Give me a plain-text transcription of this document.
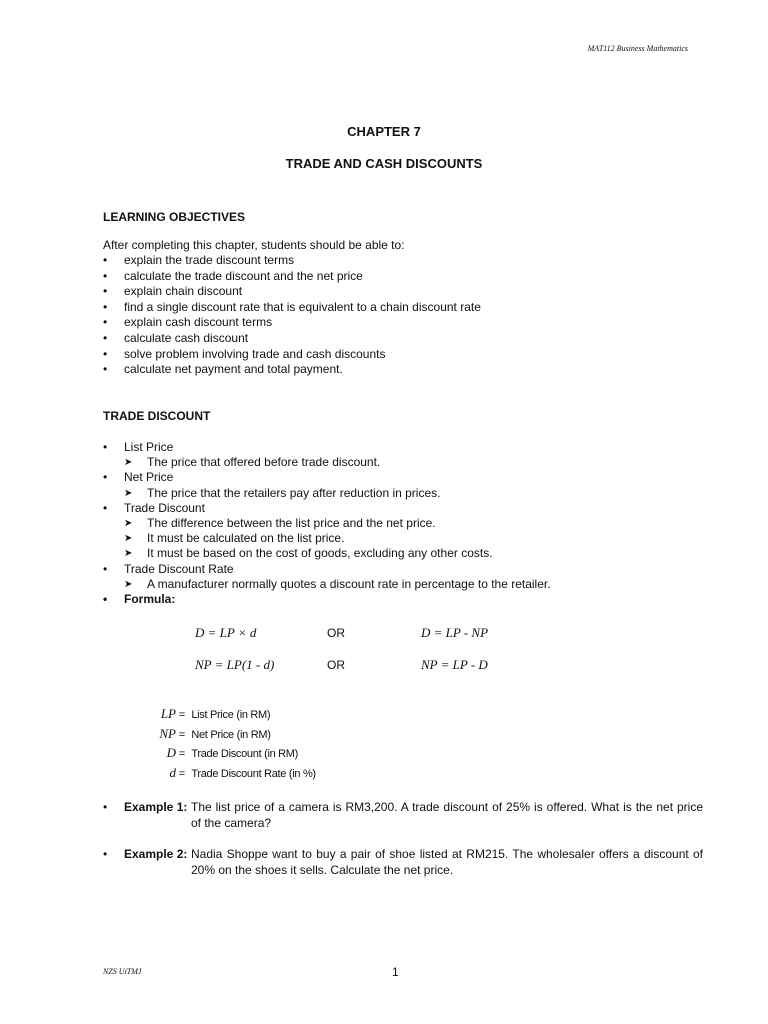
MAT112 Business Mathematics
CHAPTER 7
TRADE AND CASH DISCOUNTS
LEARNING OBJECTIVES
After completing this chapter, students should be able to:
•	explain the trade discount terms
•	calculate the trade discount and the net price
•	explain chain discount
•	find a single discount rate that is equivalent to a chain discount rate
•	explain cash discount terms
•	calculate cash discount
•	solve problem involving trade and cash discounts
•	calculate net payment and total payment.
TRADE DISCOUNT
•	List Price
➤ The price that offered before trade discount.
•	Net Price
➤ The price that the retailers pay after reduction in prices.
•	Trade Discount
➤ The difference between the list price and the net price.
➤ It must be calculated on the list price.
➤ It must be based on the cost of goods, excluding any other costs.
•	Trade Discount Rate
➤ A manufacturer normally quotes a discount rate in percentage to the retailer.
•	Formula:
D = LP × d	OR	D = LP - NP
NP = LP(1 - d)	OR	NP = LP - D
LP = List Price (in RM)
NP = Net Price (in RM)
D = Trade Discount (in RM)
d = Trade Discount Rate (in %)
• Example 1: The list price of a camera is RM3,200. A trade discount of 25% is offered. What is the net price of the camera?
• Example 2: Nadia Shoppe want to buy a pair of shoe listed at RM215. The wholesaler offers a discount of 20% on the shoes it sells. Calculate the net price.
NZS UiTMJ	1
